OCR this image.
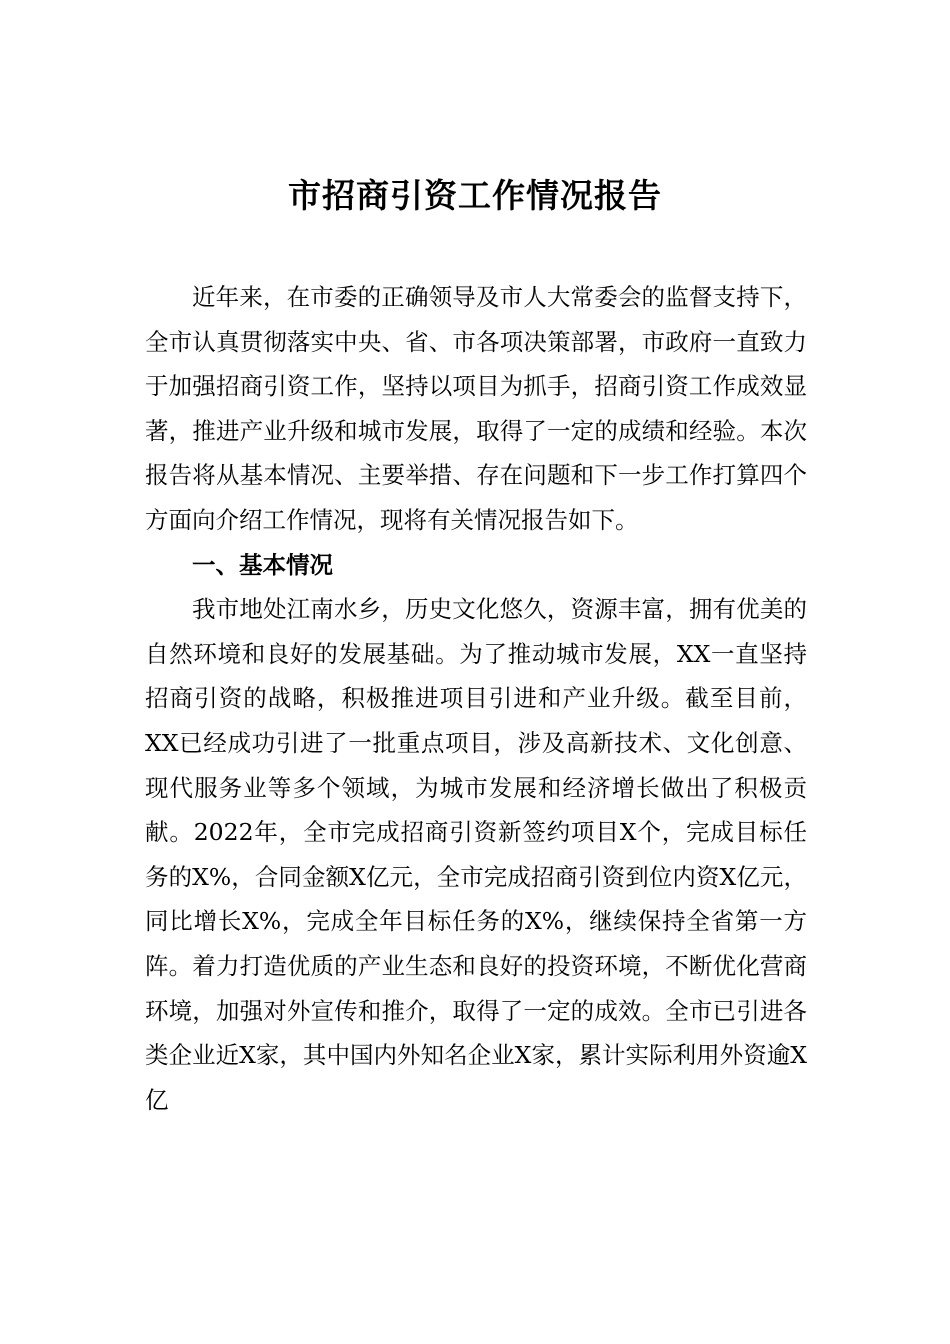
市招商引资工作情况报告

近年来，在市委的正确领导及市人大常委会的监督支持下，全市认真贯彻落实中央、省、市各项决策部署，市政府一直致力于加强招商引资工作，坚持以项目为抓手，招商引资工作成效显著，推进产业升级和城市发展，取得了一定的成绩和经验。本次报告将从基本情况、主要举措、存在问题和下一步工作打算四个方面向介绍工作情况，现将有关情况报告如下。

一、基本情况

我市地处江南水乡，历史文化悠久，资源丰富，拥有优美的自然环境和良好的发展基础。为了推动城市发展，XX一直坚持招商引资的战略，积极推进项目引进和产业升级。截至目前，XX已经成功引进了一批重点项目，涉及高新技术、文化创意、现代服务业等多个领域，为城市发展和经济增长做出了积极贡献。2022年，全市完成招商引资新签约项目X个，完成目标任务的X%，合同金额X亿元，全市完成招商引资到位内资X亿元，同比增长X%，完成全年目标任务的X%，继续保持全省第一方阵。着力打造优质的产业生态和良好的投资环境，不断优化营商环境，加强对外宣传和推介，取得了一定的成效。全市已引进各类企业近X家，其中国内外知名企业X家，累计实际利用外资逾X亿
